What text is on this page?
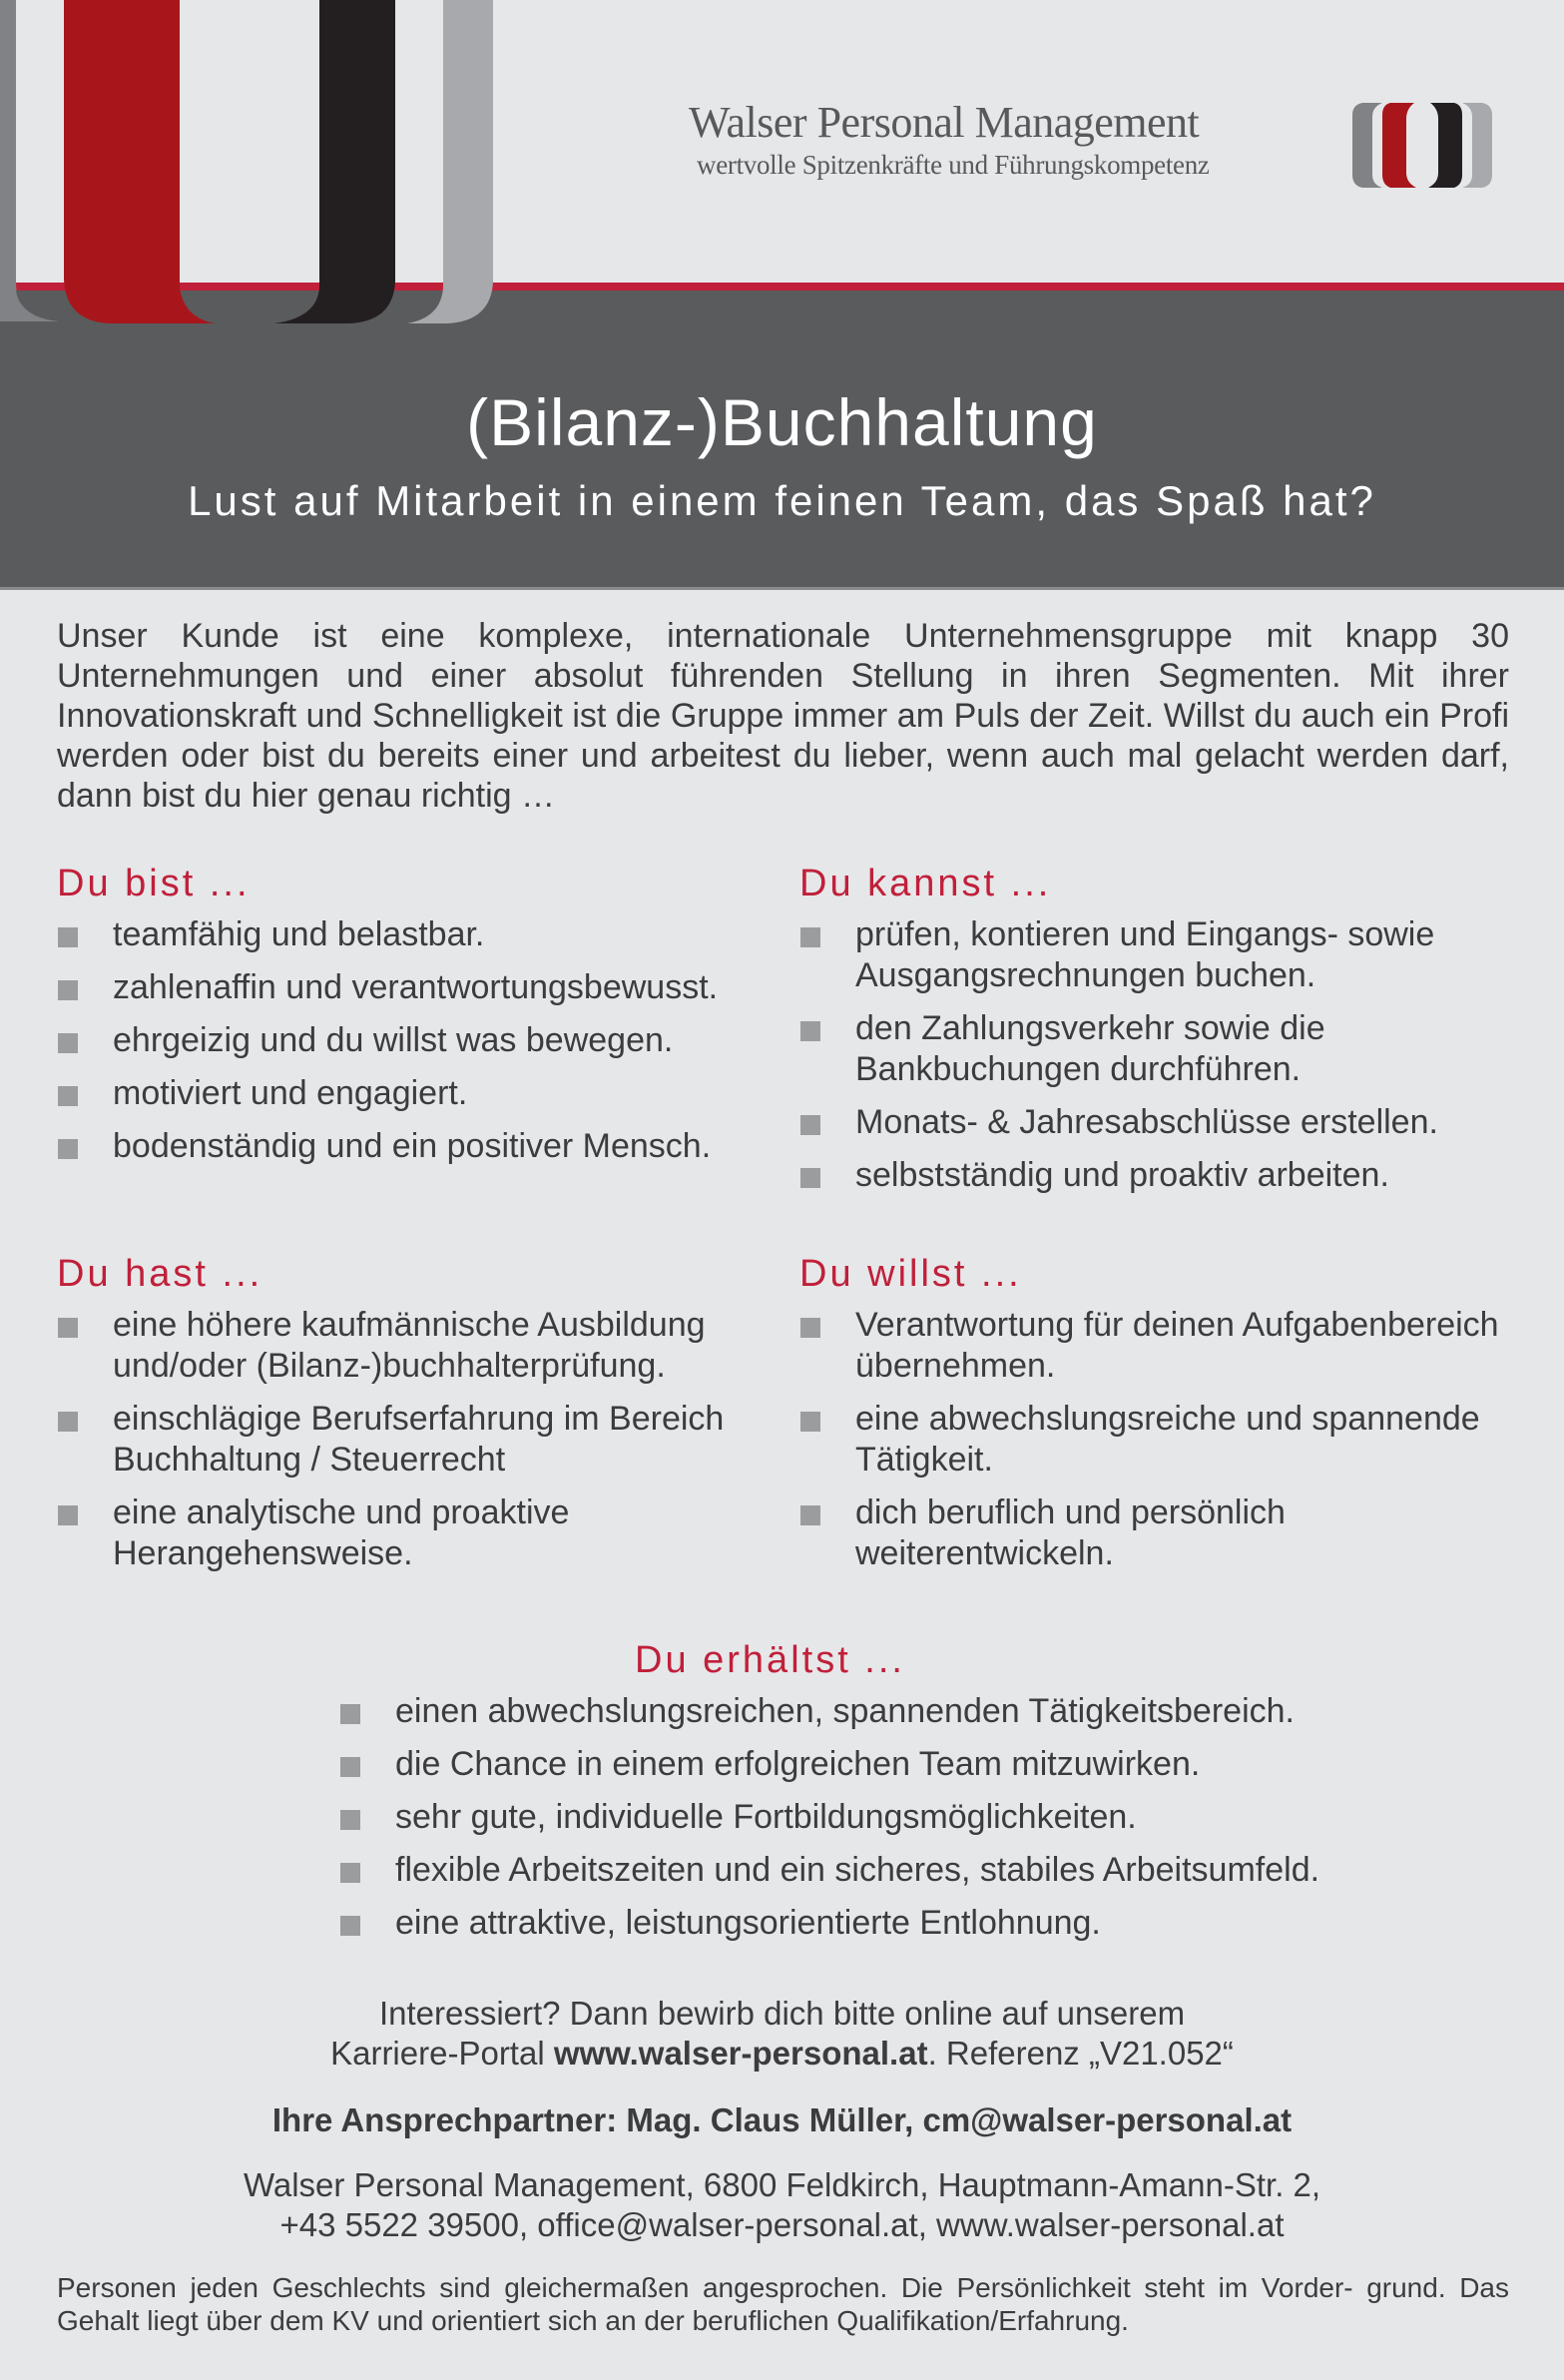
Walser Personal Management
wertvolle Spitzenkräfte und Führungskompetenz
(Bilanz-)Buchhaltung
Lust auf Mitarbeit in einem feinen Team, das Spaß hat?

Unser Kunde ist eine komplexe, internationale Unternehmensgruppe mit knapp 30 Unternehmungen und einer absolut führenden Stellung in ihren Segmenten. Mit ihrer Innovationskraft und Schnelligkeit ist die Gruppe immer am Puls der Zeit. Willst du auch ein Profi werden oder bist du bereits einer und arbeitest du lieber, wenn auch mal gelacht werden darf, dann bist du hier genau richtig …

Du bist ...
teamfähig und belastbar.
zahlenaffin und verantwortungsbewusst.
ehrgeizig und du willst was bewegen.
motiviert und engagiert.
bodenständig und ein positiver Mensch.
Du kannst ...
prüfen, kontieren und Eingangs- sowie Ausgangsrechnungen buchen.
den Zahlungsverkehr sowie die Bankbuchungen durchführen.
Monats- & Jahresabschlüsse erstellen.
selbstständig und proaktiv arbeiten.
Du hast ...
eine höhere kaufmännische Ausbildung und/oder (Bilanz-)buchhalterprüfung.
einschlägige Berufserfahrung im Bereich Buchhaltung / Steuerrecht
eine analytische und proaktive Herangehensweise.
Du willst ...
Verantwortung für deinen Aufgabenbereich übernehmen.
eine abwechslungsreiche und spannende Tätigkeit.
dich beruflich und persönlich weiterentwickeln.
Du erhältst ...
einen abwechslungsreichen, spannenden Tätigkeitsbereich.
die Chance in einem erfolgreichen Team mitzuwirken.
sehr gute, individuelle Fortbildungsmöglichkeiten.
flexible Arbeitszeiten und ein sicheres, stabiles Arbeitsumfeld.
eine attraktive, leistungsorientierte Entlohnung.
Interessiert? Dann bewirb dich bitte online auf unserem
Karriere-Portal www.walser-personal.at. Referenz „V21.052“
Ihre Ansprechpartner: Mag. Claus Müller, cm@walser-personal.at
Walser Personal Management, 6800 Feldkirch, Hauptmann-Amann-Str. 2,
+43 5522 39500, office@walser-personal.at, www.walser-personal.at

Personen jeden Geschlechts sind gleichermaßen angesprochen. Die Persönlichkeit steht im Vorder- grund. Das Gehalt liegt über dem KV und orientiert sich an der beruflichen Qualifikation/Erfahrung.
